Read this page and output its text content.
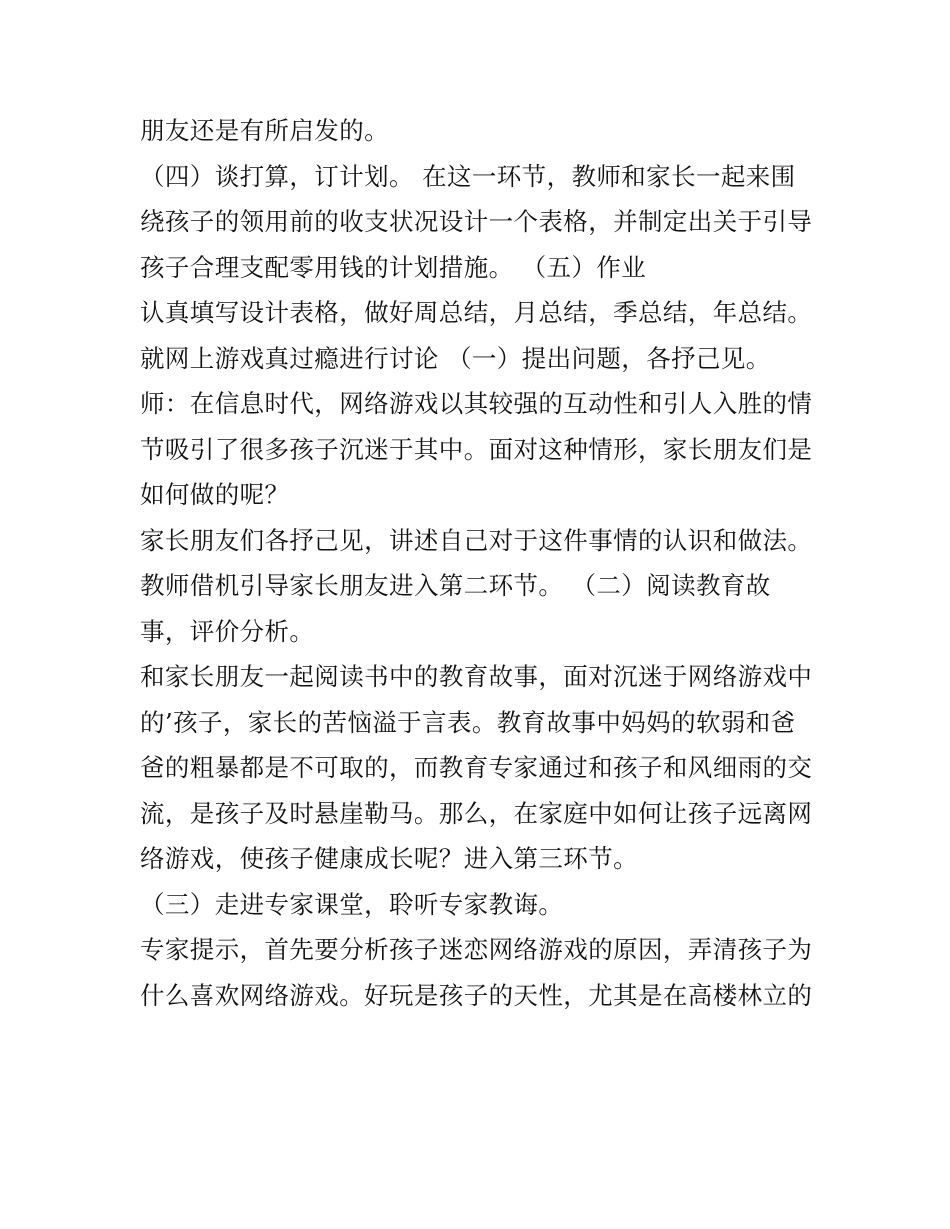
朋友还是有所启发的。
（四）谈打算，订计划。 在这一环节，教师和家长一起来围
绕孩子的领用前的收支状况设计一个表格，并制定出关于引导
孩子合理支配零用钱的计划措施。 （五）作业
认真填写设计表格，做好周总结，月总结，季总结，年总结。
就网上游戏真过瘾进行讨论 （一）提出问题，各抒己见。
师：在信息时代，网络游戏以其较强的互动性和引人入胜的情
节吸引了很多孩子沉迷于其中。面对这种情形，家长朋友们是
如何做的呢？
家长朋友们各抒己见，讲述自己对于这件事情的认识和做法。
教师借机引导家长朋友进入第二环节。 （二）阅读教育故
事，评价分析。
和家长朋友一起阅读书中的教育故事，面对沉迷于网络游戏中
的’孩子，家长的苦恼溢于言表。教育故事中妈妈的软弱和爸
爸的粗暴都是不可取的，而教育专家通过和孩子和风细雨的交
流，是孩子及时悬崖勒马。那么，在家庭中如何让孩子远离网
络游戏，使孩子健康成长呢？进入第三环节。
（三）走进专家课堂，聆听专家教诲。
专家提示，首先要分析孩子迷恋网络游戏的原因，弄清孩子为
什么喜欢网络游戏。好玩是孩子的天性，尤其是在高楼林立的
